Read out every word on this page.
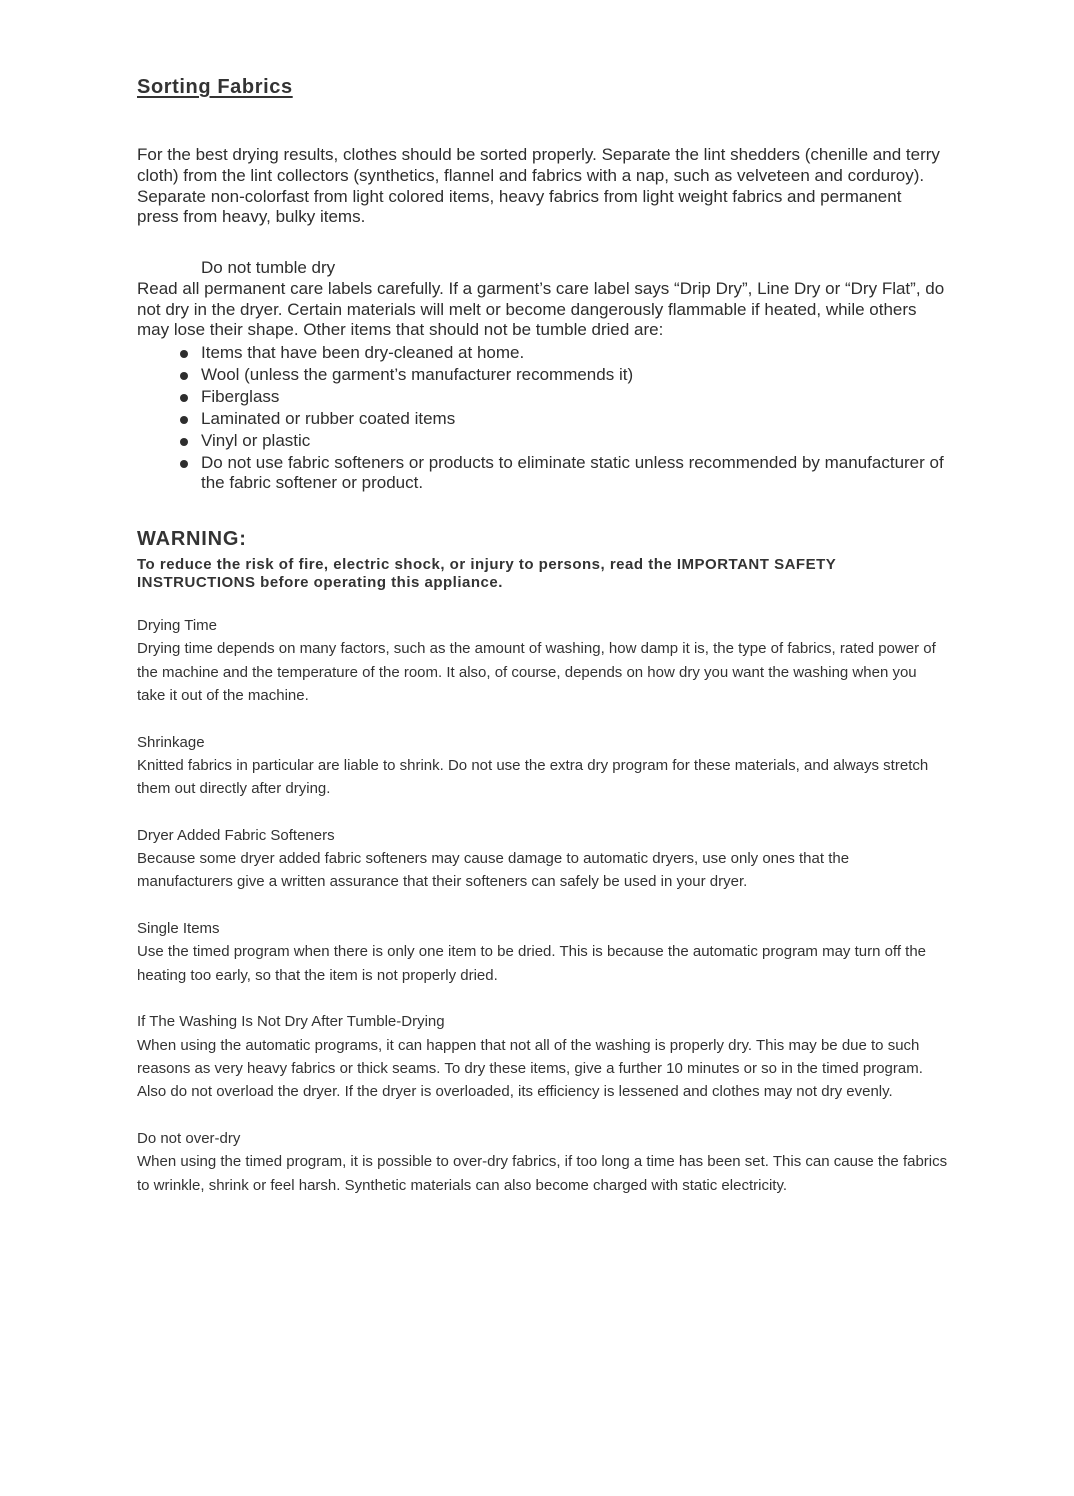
Sorting Fabrics

For the best drying results, clothes should be sorted properly. Separate the lint shedders (chenille and terry cloth) from the lint collectors (synthetics, flannel and fabrics with a nap, such as velveteen and corduroy). Separate non-colorfast from light colored items, heavy fabrics from light weight fabrics and permanent press from heavy, bulky items.

Do not tumble dry

Read all permanent care labels carefully. If a garment’s care label says “Drip Dry”, Line Dry or “Dry Flat”, do not dry in the dryer. Certain materials will melt or become dangerously flammable if heated, while others may lose their shape. Other items that should not be tumble dried are:

Items that have been dry-cleaned at home.
Wool (unless the garment’s manufacturer recommends it)
Fiberglass
Laminated or rubber coated items
Vinyl or plastic
Do not use fabric softeners or products to eliminate static unless recommended by manufacturer of the fabric softener or product.
WARNING:

To reduce the risk of fire, electric shock, or injury to persons, read the IMPORTANT SAFETY INSTRUCTIONS before operating this appliance.

Drying Time

Drying time depends on many factors, such as the amount of washing, how damp it is, the type of fabrics, rated power of the machine and the temperature of the room. It also, of course, depends on how dry you want the washing when you take it out of the machine.

Shrinkage

Knitted fabrics in particular are liable to shrink. Do not use the extra dry program for these materials, and always stretch them out directly after drying.

Dryer Added Fabric Softeners

Because some dryer added fabric softeners may cause damage to automatic dryers, use only ones that the manufacturers give a written assurance that their softeners can safely be used in your dryer.

Single Items

Use the timed program when there is only one item to be dried. This is because the automatic program may turn off the heating too early, so that the item is not properly dried.

If The Washing Is Not Dry After Tumble-Drying

When using the automatic programs, it can happen that not all of the washing is properly dry. This may be due to such reasons as very heavy fabrics or thick seams. To dry these items, give a further 10 minutes or so in the timed program. Also do not overload the dryer. If the dryer is overloaded, its efficiency is lessened and clothes may not dry evenly.

Do not over-dry

When using the timed program, it is possible to over-dry fabrics, if too long a time has been set. This can cause the fabrics to wrinkle, shrink or feel harsh. Synthetic materials can also become charged with static electricity.
